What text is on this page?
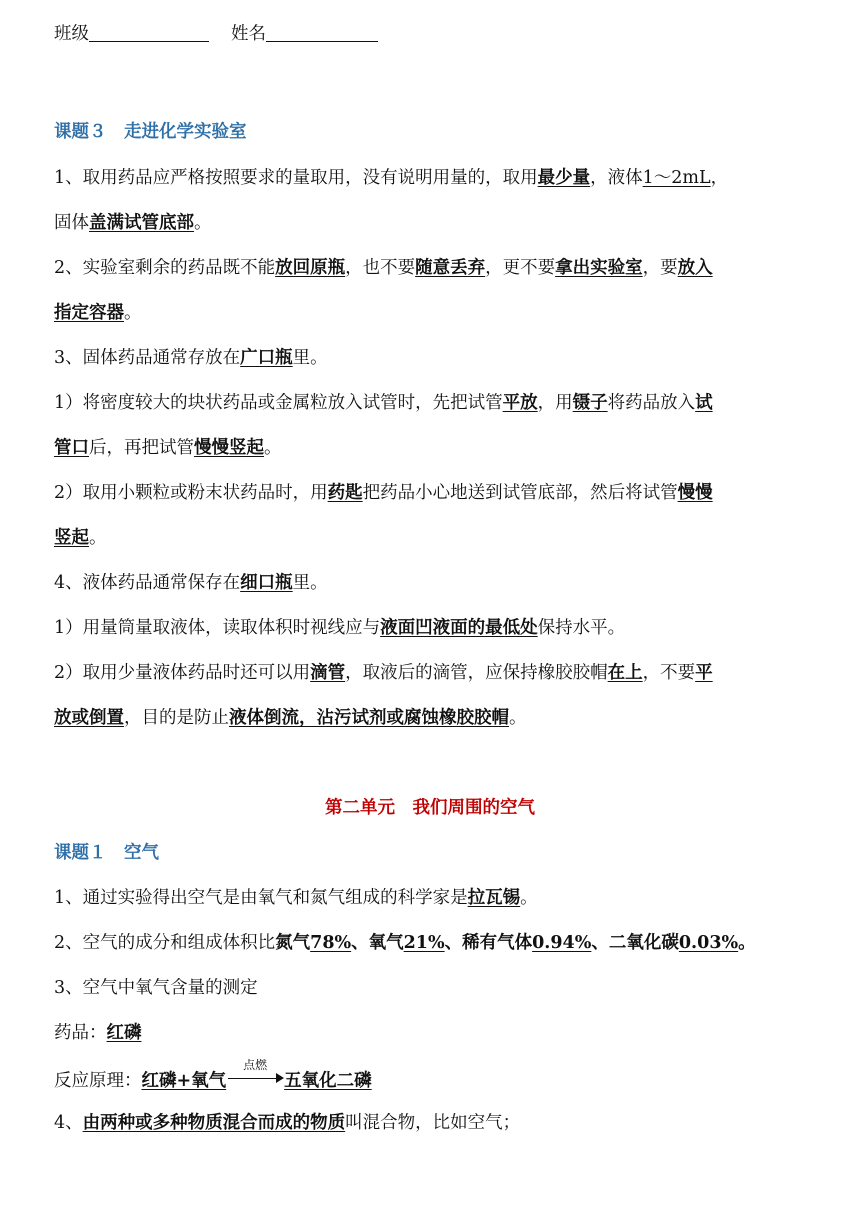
班级	姓名
课题３　走进化学实验室
1、取用药品应严格按照要求的量取用，没有说明用量的，取用最少量，液体1～2mL，
固体盖满试管底部。
2、实验室剩余的药品既不能放回原瓶，也不要随意丢弃，更不要拿出实验室，要放入
指定容器。
3、固体药品通常存放在广口瓶里。
1）将密度较大的块状药品或金属粒放入试管时，先把试管平放，用镊子将药品放入试
管口后，再把试管慢慢竖起。
2）取用小颗粒或粉末状药品时，用药匙把药品小心地送到试管底部，然后将试管慢慢
竖起。
4、液体药品通常保存在细口瓶里。
1）用量筒量取液体，读取体积时视线应与液面凹液面的最低处保持水平。
2）取用少量液体药品时还可以用滴管，取液后的滴管，应保持橡胶胶帽在上，不要平
放或倒置，目的是防止液体倒流，沾污试剂或腐蚀橡胶胶帽。
第二单元　我们周围的空气
课题１　空气
1、通过实验得出空气是由氧气和氮气组成的科学家是拉瓦锡。
2、空气的成分和组成体积比氮气78%、氧气21%、稀有气体0.94%、二氧化碳0.03%。
3、空气中氧气含量的测定
药品：红磷
反应原理：红磷+氧气
点燃
五氧化二磷
4、由两种或多种物质混合而成的物质叫混合物，比如空气；
